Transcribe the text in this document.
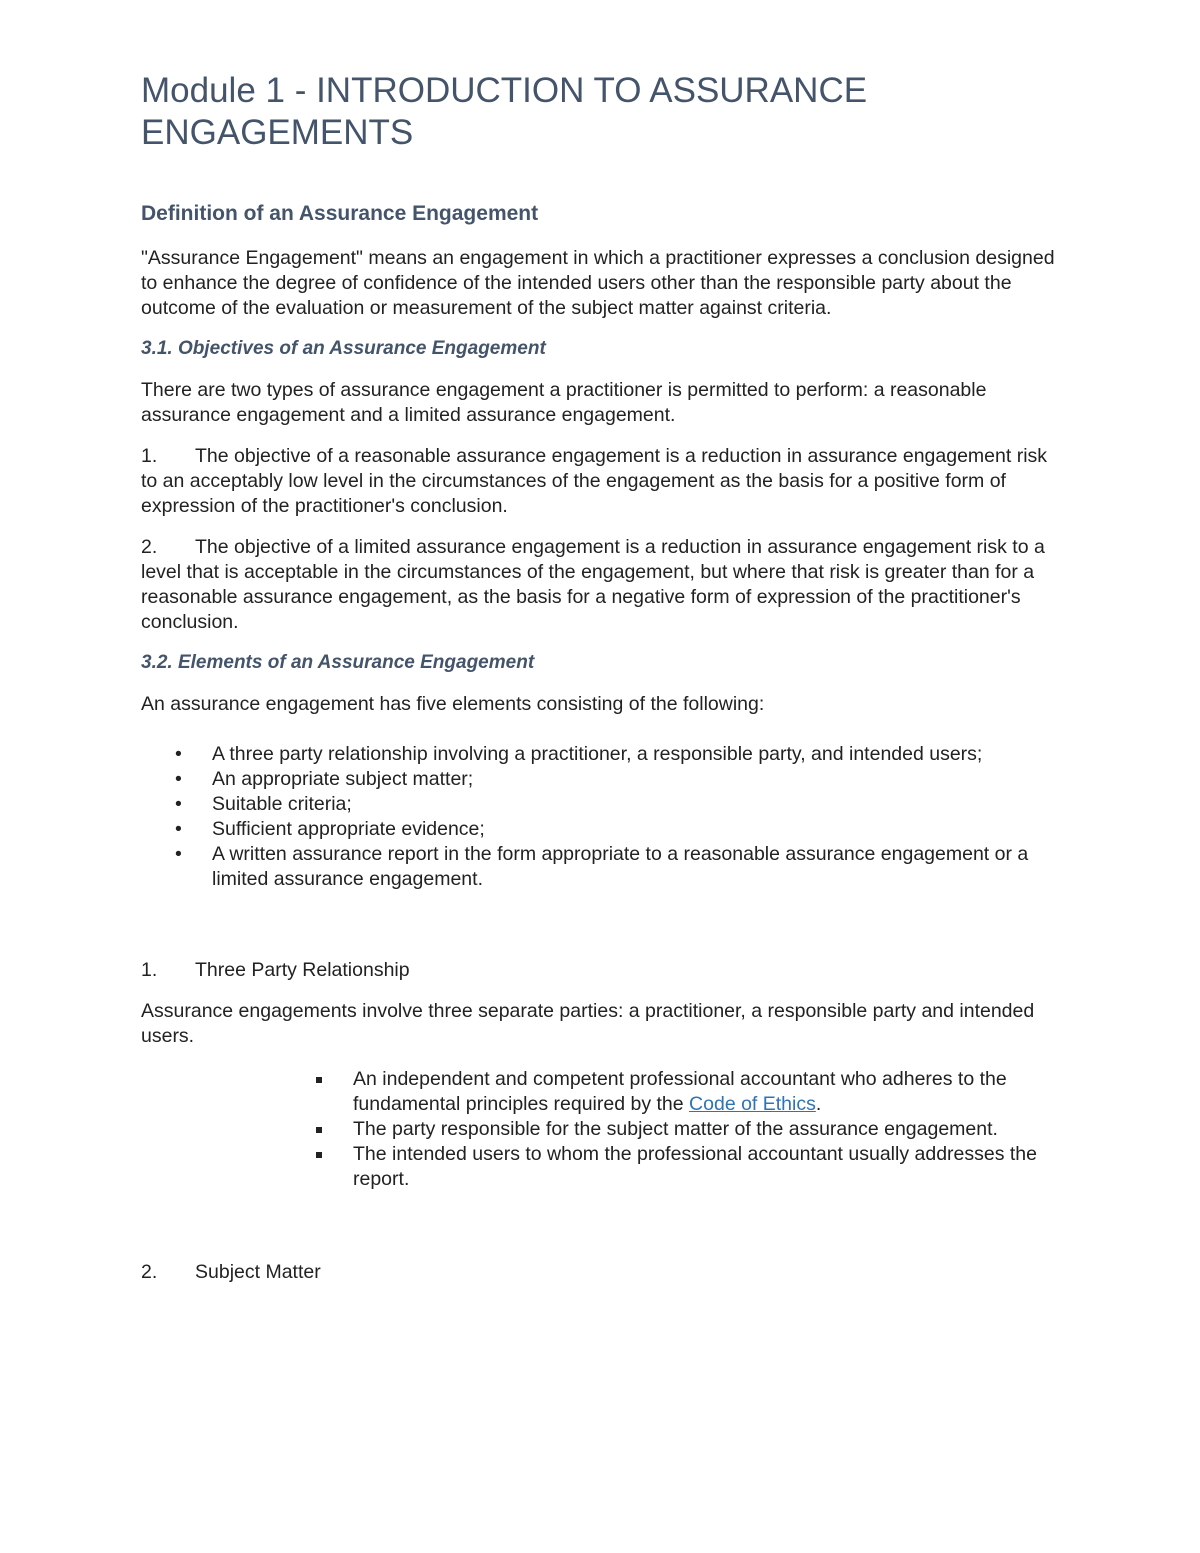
Module 1 - INTRODUCTION TO ASSURANCE ENGAGEMENTS
Definition of an Assurance Engagement

"Assurance Engagement" means an engagement in which a practitioner expresses a conclusion designed to enhance the degree of confidence of the intended users other than the responsible party about the outcome of the evaluation or measurement of the subject matter against criteria.

3.1. Objectives of an Assurance Engagement

There are two types of assurance engagement a practitioner is permitted to perform: a reasonable assurance engagement and a limited assurance engagement.

1. The objective of a reasonable assurance engagement is a reduction in assurance engagement risk to an acceptably low level in the circumstances of the engagement as the basis for a positive form of expression of the practitioner's conclusion.

2. The objective of a limited assurance engagement is a reduction in assurance engagement risk to a level that is acceptable in the circumstances of the engagement, but where that risk is greater than for a reasonable assurance engagement, as the basis for a negative form of expression of the practitioner's conclusion.

3.2. Elements of an Assurance Engagement

An assurance engagement has five elements consisting of the following:

• A three party relationship involving a practitioner, a responsible party, and intended users;
• An appropriate subject matter;
• Suitable criteria;
• Sufficient appropriate evidence;
• A written assurance report in the form appropriate to a reasonable assurance engagement or a limited assurance engagement.

1. Three Party Relationship

Assurance engagements involve three separate parties: a practitioner, a responsible party and intended users.

An independent and competent professional accountant who adheres to the fundamental principles required by the Code of Ethics.
The party responsible for the subject matter of the assurance engagement.
The intended users to whom the professional accountant usually addresses the report.

2. Subject Matter
